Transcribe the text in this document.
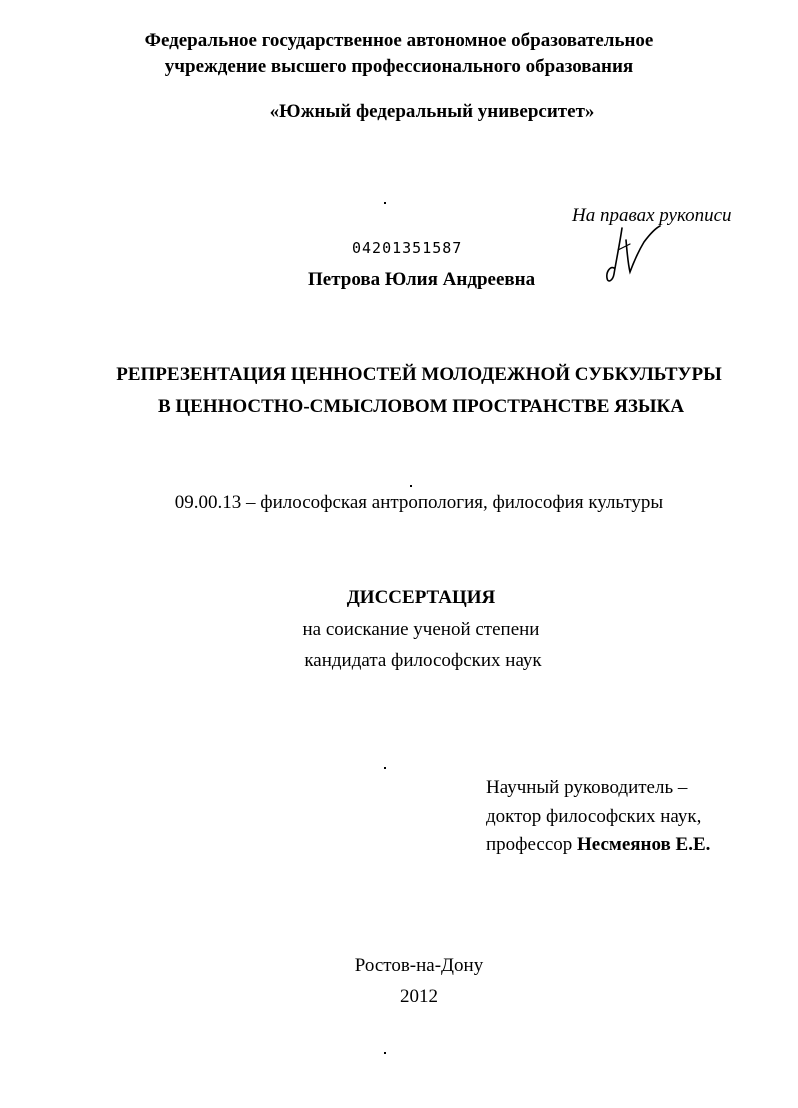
Федеральное государственное автономное образовательное
учреждение высшего профессионального образования
«Южный федеральный университет»
На правах рукописи
04201351587
Петрова Юлия Андреевна
РЕПРЕЗЕНТАЦИЯ ЦЕННОСТЕЙ МОЛОДЕЖНОЙ СУБКУЛЬТУРЫ
В ЦЕННОСТНО-СМЫСЛОВОМ ПРОСТРАНСТВЕ ЯЗЫКА
09.00.13 – философская антропология, философия культуры
ДИССЕРТАЦИЯ
на соискание ученой степени
кандидата философских наук
Научный руководитель –
доктор философских наук,
профессор Несмеянов Е.Е.
Ростов-на-Дону
2012
